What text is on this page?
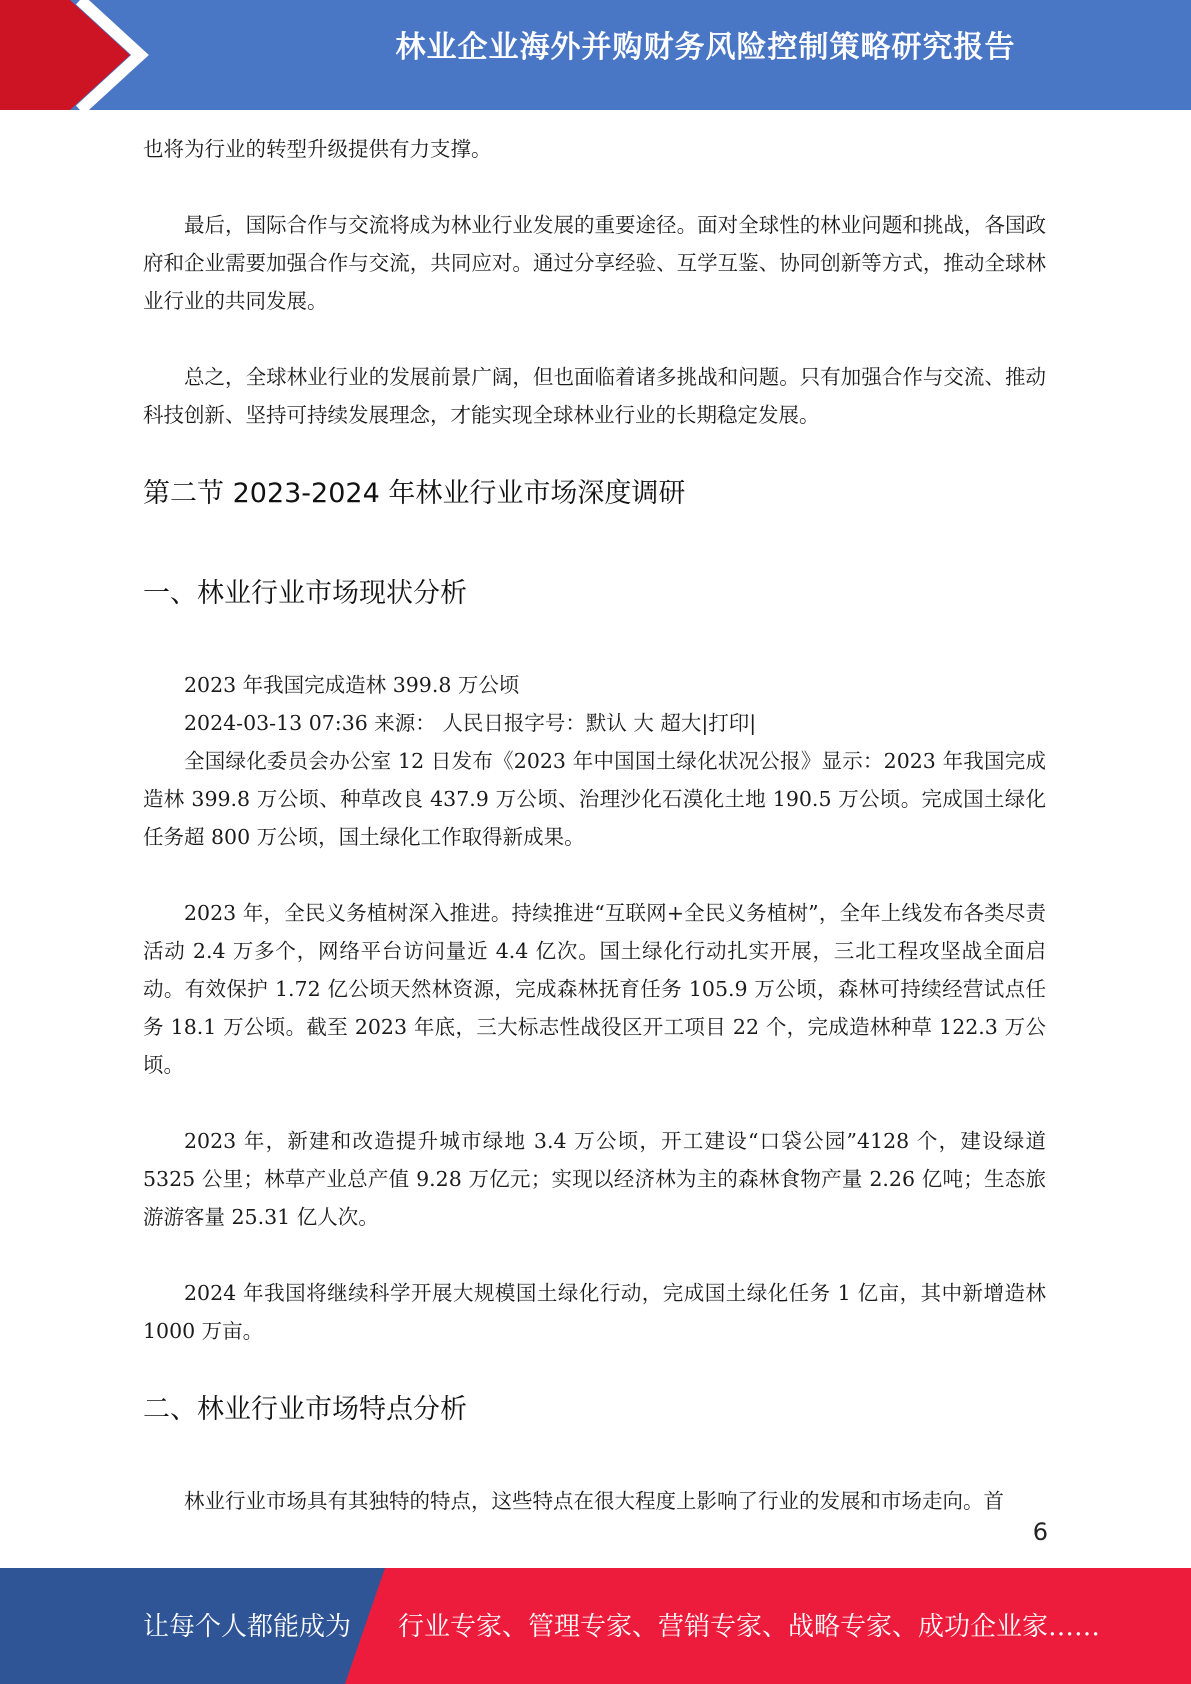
林业企业海外并购财务风险控制策略研究报告

也将为行业的转型升级提供有力支撑。

最后，国际合作与交流将成为林业行业发展的重要途径。面对全球性的林业问题和挑战，各国政府和企业需要加强合作与交流，共同应对。通过分享经验、互学互鉴、协同创新等方式，推动全球林业行业的共同发展。

总之，全球林业行业的发展前景广阔，但也面临着诸多挑战和问题。只有加强合作与交流、推动科技创新、坚持可持续发展理念，才能实现全球林业行业的长期稳定发展。

第二节 2023-2024 年林业行业市场深度调研
一、林业行业市场现状分析

2023 年我国完成造林 399.8 万公顷

2024-03-13 07:36 来源： 人民日报字号：默认 大 超大|打印|

全国绿化委员会办公室 12 日发布《2023 年中国国土绿化状况公报》显示：2023 年我国完成造林 399.8 万公顷、种草改良 437.9 万公顷、治理沙化石漠化土地 190.5 万公顷。完成国土绿化任务超 800 万公顷，国土绿化工作取得新成果。

2023 年，全民义务植树深入推进。持续推进“互联网+全民义务植树”，全年上线发布各类尽责活动 2.4 万多个，网络平台访问量近 4.4 亿次。国土绿化行动扎实开展，三北工程攻坚战全面启动。有效保护 1.72 亿公顷天然林资源，完成森林抚育任务 105.9 万公顷，森林可持续经营试点任务 18.1 万公顷。截至 2023 年底，三大标志性战役区开工项目 22 个，完成造林种草 122.3 万公顷。

2023 年，新建和改造提升城市绿地 3.4 万公顷，开工建设“口袋公园”4128 个，建设绿道 5325 公里；林草产业总产值 9.28 万亿元；实现以经济林为主的森林食物产量 2.26 亿吨；生态旅游游客量 25.31 亿人次。

2024 年我国将继续科学开展大规模国土绿化行动，完成国土绿化任务 1 亿亩，其中新增造林 1000 万亩。

二、林业行业市场特点分析

林业行业市场具有其独特的特点，这些特点在很大程度上影响了行业的发展和市场走向。首

6
让每个人都能成为 行业专家、管理专家、营销专家、战略专家、成功企业家……
